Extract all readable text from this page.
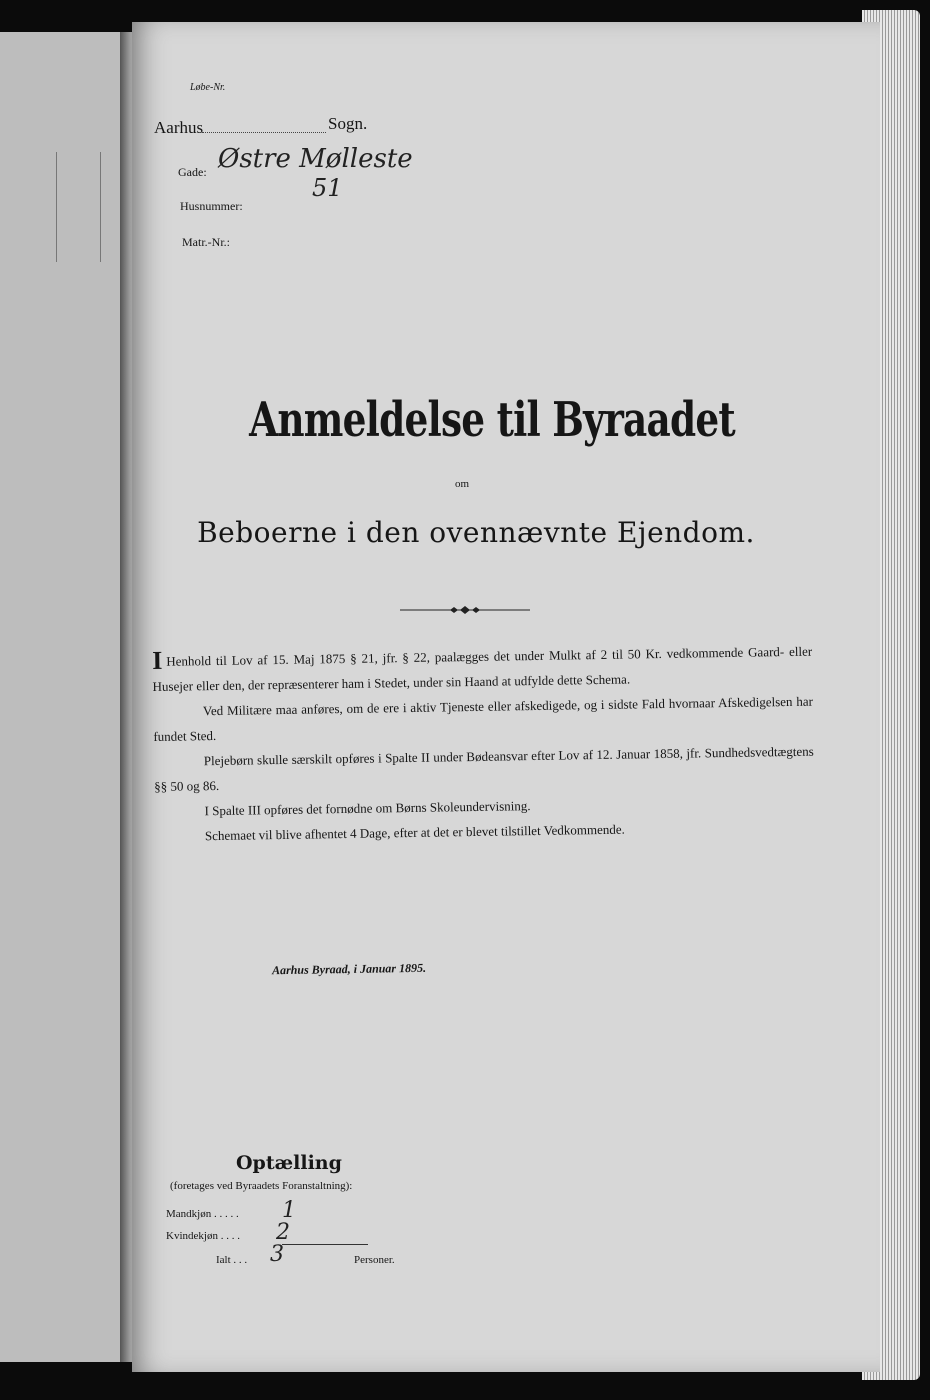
Løbe-Nr.
Aarhus	Sogn.
Gade: Østre Mølleste
Husnummer:
51
Matr.-Nr.:
Anmeldelse til Byraadet
om
Beboerne i den ovennævnte Ejendom.

I Henhold til Lov af 15. Maj 1875 § 21, jfr. § 22, paalægges det under Mulkt af 2 til 50 Kr. vedkommende Gaard- eller Husejer eller den, der repræsenterer ham i Stedet, under sin Haand at udfylde dette Schema.

Ved Militære maa anføres, om de ere i aktiv Tjeneste eller afskedigede, og i sidste Fald hvornaar Afskedigelsen har fundet Sted.

Plejebørn skulle særskilt opføres i Spalte II under Bødeansvar efter Lov af 12. Januar 1858, jfr. Sundhedsvedtægtens §§ 50 og 86.

I Spalte III opføres det fornødne om Børns Skoleundervisning.

Schemaet vil blive afhentet 4 Dage, efter at det er blevet tilstillet Vedkommende.

Aarhus Byraad, i Januar 1895.
Optælling
(foretages ved Byraadets Foranstaltning):
Mandkjøn . . . . . 1
Kvindekjøn . . . . 2
Ialt . . . 3	Personer.
